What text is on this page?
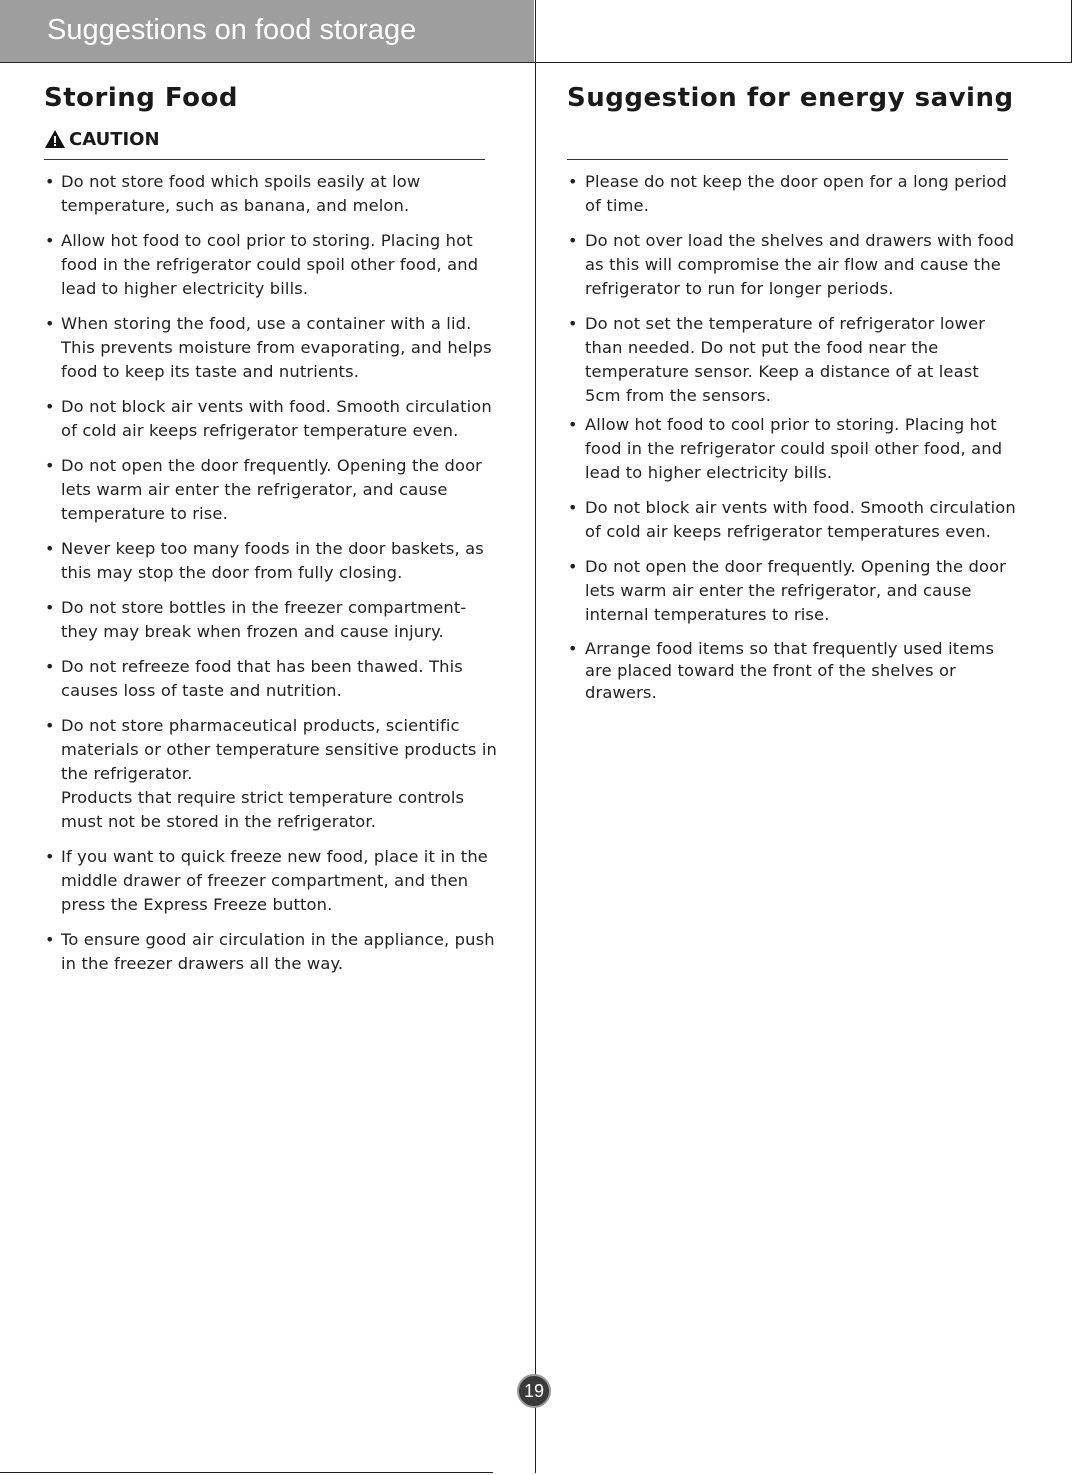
Suggestions on food storage
Storing Food
CAUTION
• Do not store food which spoils easily at low temperature, such as banana, and melon.
• Allow hot food to cool prior to storing. Placing hot food in the refrigerator could spoil other food, and lead to higher electricity bills.
• When storing the food, use a container with a lid. This prevents moisture from evaporating, and helps food to keep its taste and nutrients.
• Do not block air vents with food. Smooth circulation of cold air keeps refrigerator temperature even.
• Do not open the door frequently. Opening the door lets warm air enter the refrigerator, and cause temperature to rise.
• Never keep too many foods in the door baskets, as this may stop the door from fully closing.
• Do not store bottles in the freezer compartment- they may break when frozen and cause injury.
• Do not refreeze food that has been thawed. This causes loss of taste and nutrition.
• Do not store pharmaceutical products, scientific materials or other temperature sensitive products in the refrigerator.
Products that require strict temperature controls must not be stored in the refrigerator.
• If you want to quick freeze new food, place it in the middle drawer of freezer compartment, and then press the Express Freeze button.
• To ensure good air circulation in the appliance, push in the freezer drawers all the way.
Suggestion for energy saving
• Please do not keep the door open for a long period of time.
• Do not over load the shelves and drawers with food as this will compromise the air flow and cause the refrigerator to run for longer periods.
• Do not set the temperature of refrigerator lower than needed. Do not put the food near the temperature sensor. Keep a distance of at least 5cm from the sensors.
• Allow hot food to cool prior to storing. Placing hot food in the refrigerator could spoil other food, and lead to higher electricity bills.
• Do not block air vents with food. Smooth circulation of cold air keeps refrigerator temperatures even.
• Do not open the door frequently. Opening the door lets warm air enter the refrigerator, and cause internal temperatures to rise.
• Arrange food items so that frequently used items are placed toward the front of the shelves or drawers.
19
